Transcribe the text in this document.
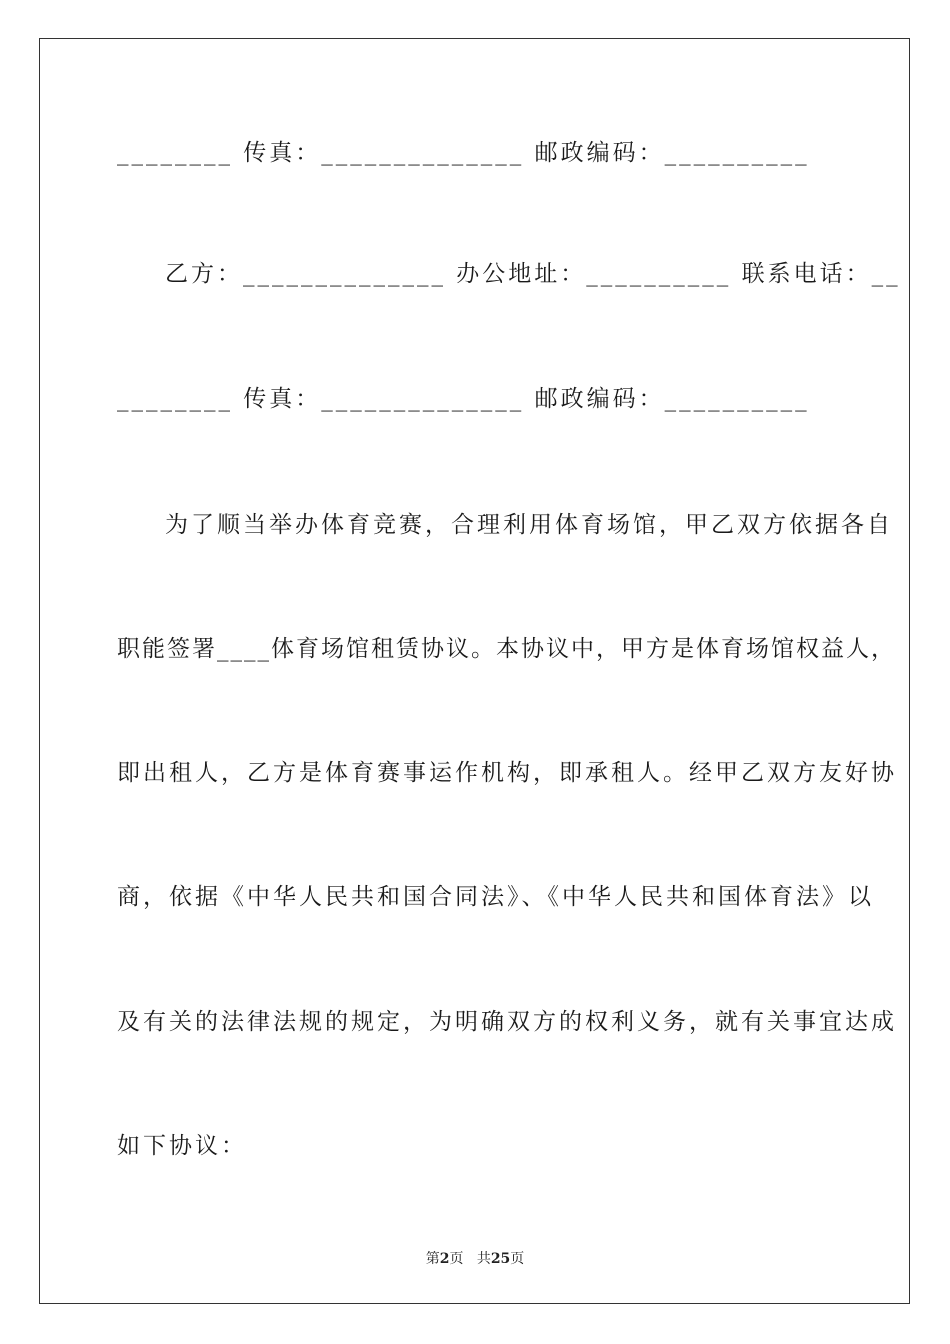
________ 传真：______________ 邮政编码：__________
乙方：______________ 办公地址：__________ 联系电话：__
________ 传真：______________ 邮政编码：__________
为了顺当举办体育竞赛，合理利用体育场馆，甲乙双方依据各自
职能签署____体育场馆租赁协议。本协议中，甲方是体育场馆权益人，
即出租人，乙方是体育赛事运作机构，即承租人。经甲乙双方友好协
商，依据《中华人民共和国合同法》、《中华人民共和国体育法》以
及有关的法律法规的规定，为明确双方的权利义务，就有关事宜达成
如下协议：
第2页 共25页
